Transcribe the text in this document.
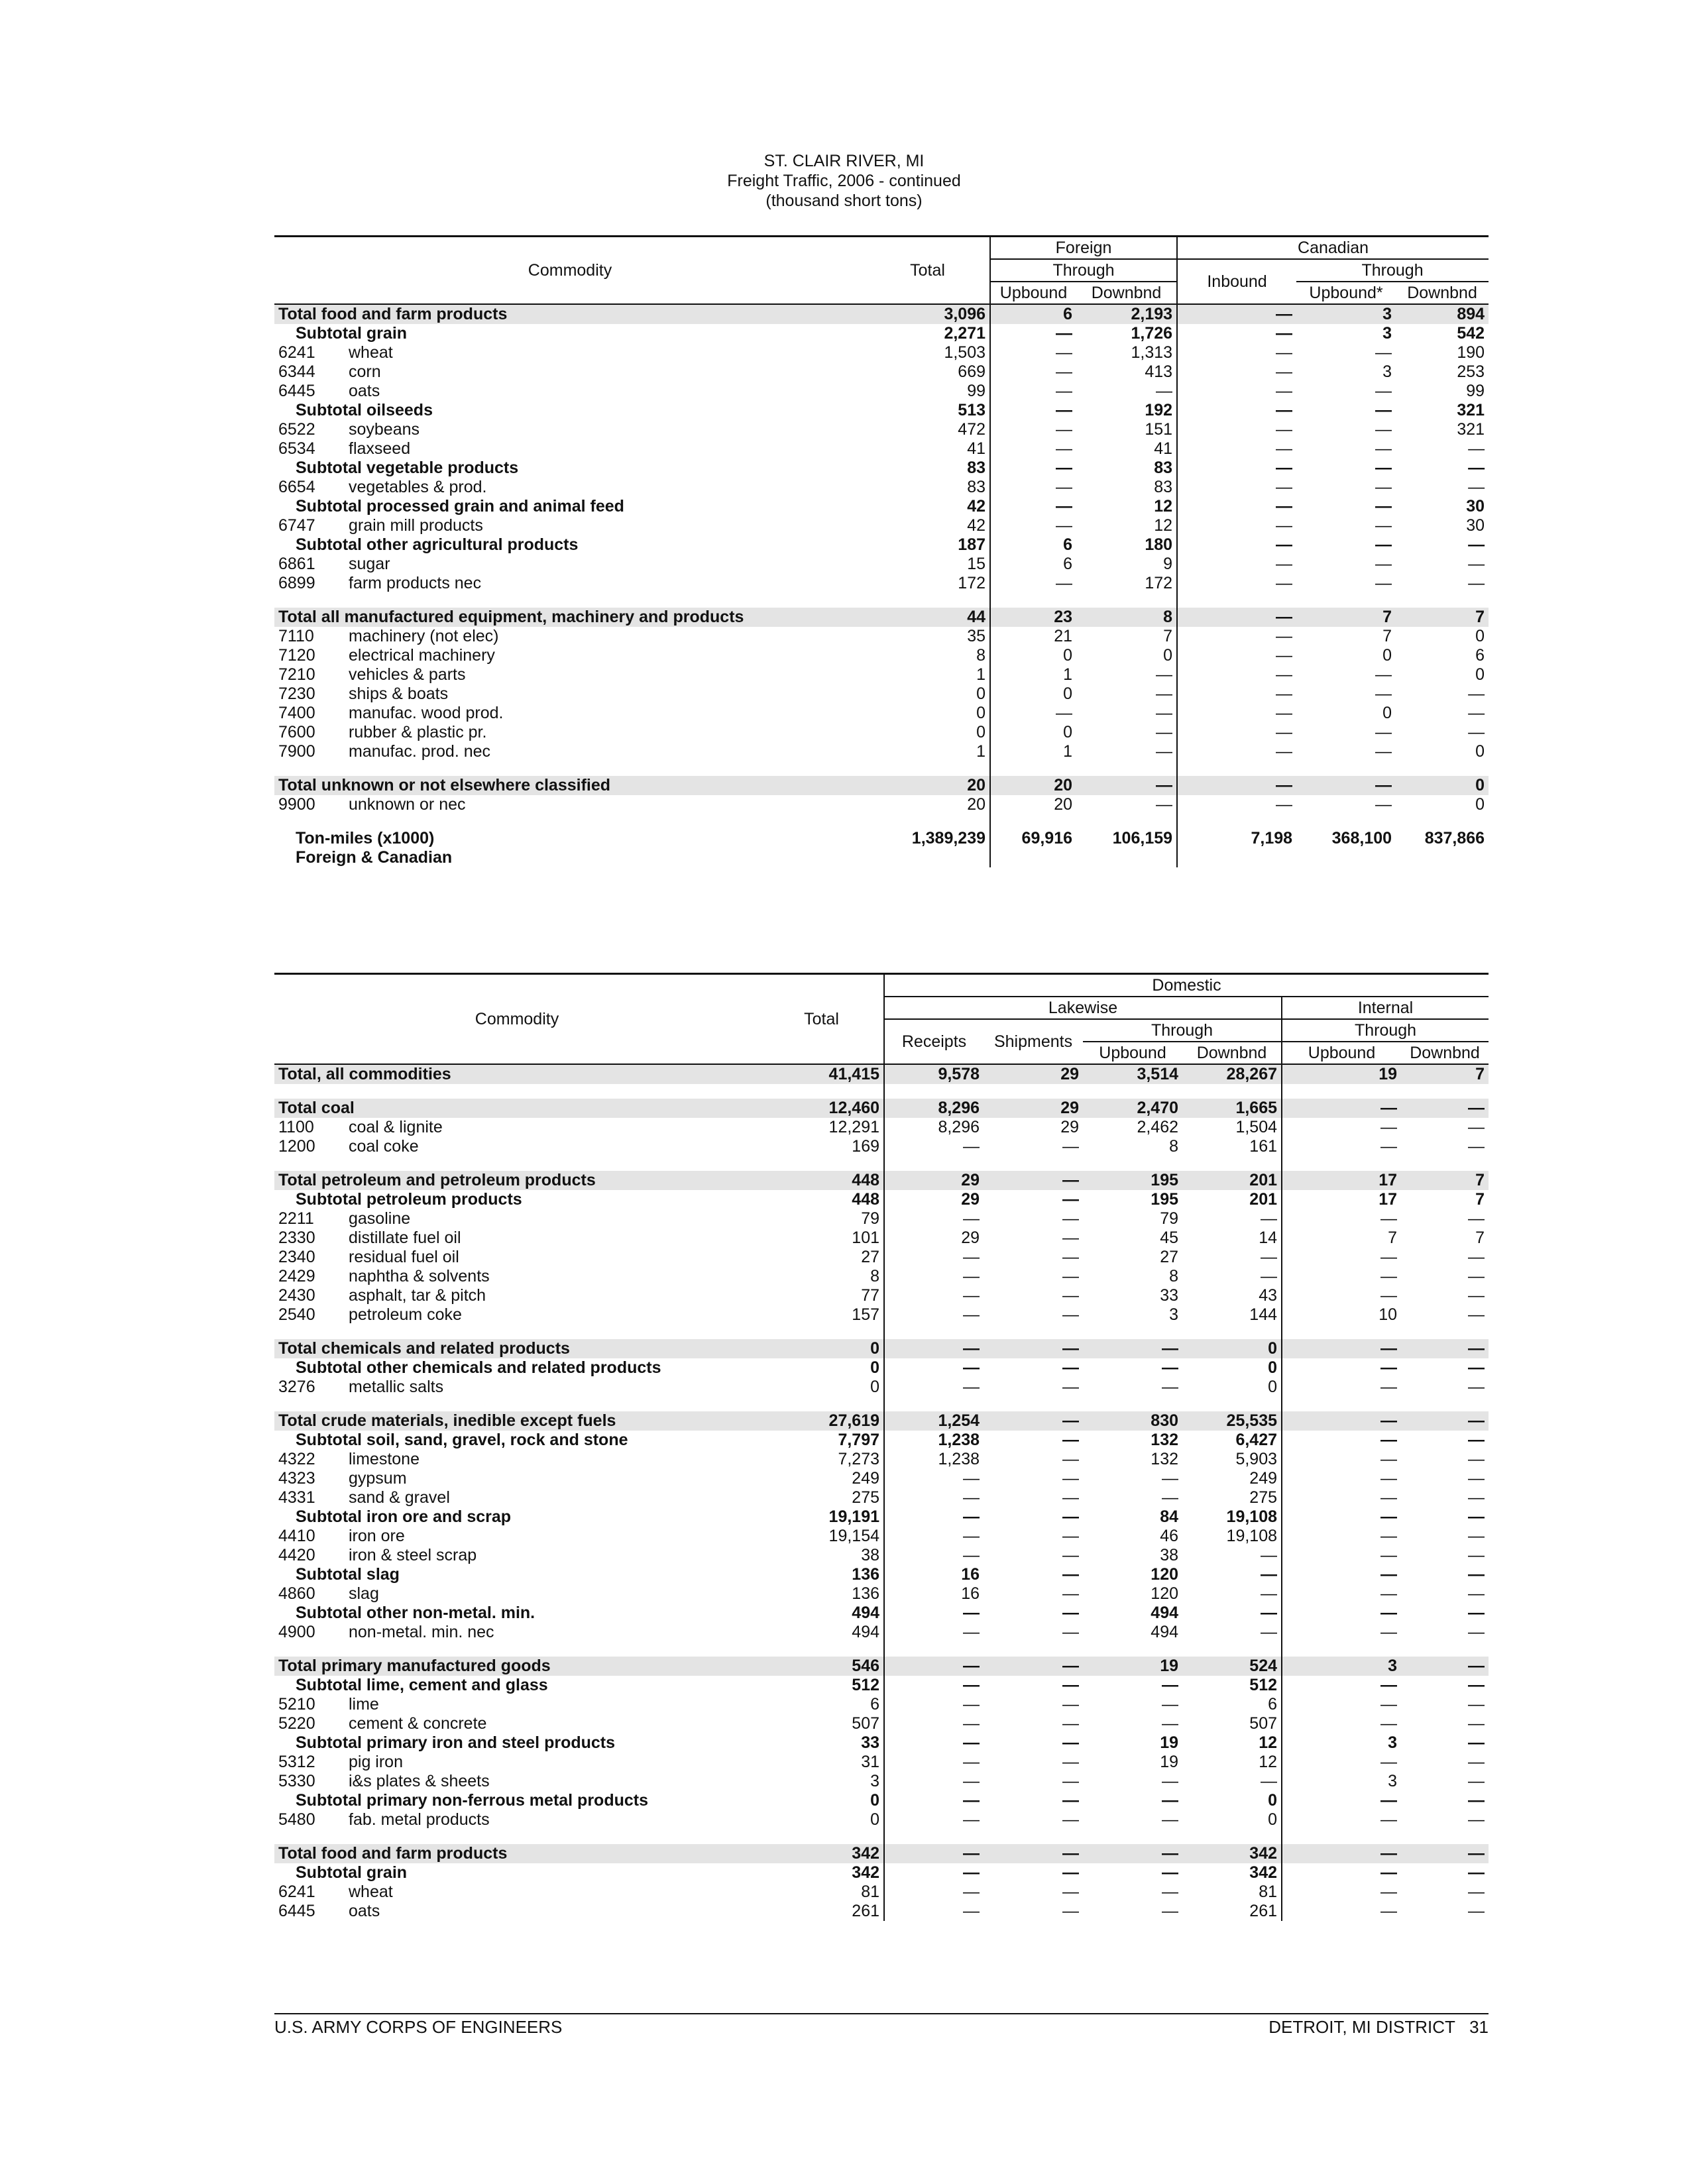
ST. CLAIR RIVER, MI
Freight Traffic, 2006 - continued
(thousand short tons)
Commodity		Total	Foreign		Canadian			
			Through		Inbound	Through		
			Upbound	Downbnd		Upbound*	Downbnd	
Total food and farm products		3,096	6	2,193	—	3	894	
Subtotal grain		2,271	—	1,726	—	3	542	
6241	wheat	1,503	—	1,313	—	—	190	
6344	corn	669	—	413	—	3	253	
6445	oats	99	—	—	—	—	99	
Subtotal oilseeds		513	—	192	—	—	321	
6522	soybeans	472	—	151	—	—	321	
6534	flaxseed	41	—	41	—	—	—	
Subtotal vegetable products		83	—	83	—	—	—	
6654	vegetables & prod.	83	—	83	—	—	—	
Subtotal processed grain and animal feed		42	—	12	—	—	30	
6747	grain mill products	42	—	12	—	—	30	
Subtotal other agricultural products		187	6	180	—	—	—	
6861	sugar	15	6	9	—	—	—	
6899	farm products nec	172	—	172	—	—	—	

Total all manufactured equipment, machinery and products		44	23	8	—	7	7	
7110	machinery (not elec)	35	21	7	—	7	0	
7120	electrical machinery	8	0	0	—	0	6	
7210	vehicles & parts	1	1	—	—	—	0	
7230	ships & boats	0	0	—	—	—	—	
7400	manufac. wood prod.	0	—	—	—	0	—	
7600	rubber & plastic pr.	0	0	—	—	—	—	
7900	manufac. prod. nec	1	1	—	—	—	0	

Total unknown or not elsewhere classified		20	20	—	—	—	0	
9900	unknown or nec	20	20	—	—	—	0	

Ton-miles (x1000)		1,389,239	69,916	106,159	7,198	368,100	837,866	
Foreign & Canadian								
Commodity		Total	Domestic						
			Lakewise				Internal		
			Receipts	Shipments	Through		Through		
					Upbound	Downbnd	Upbound	Downbnd	
Total, all commodities		41,415	9,578	29	3,514	28,267	19	7	

Total coal		12,460	8,296	29	2,470	1,665	—	—	
1100	coal & lignite	12,291	8,296	29	2,462	1,504	—	—	
1200	coal coke	169	—	—	8	161	—	—	

Total petroleum and petroleum products		448	29	—	195	201	17	7	
Subtotal petroleum products		448	29	—	195	201	17	7	
2211	gasoline	79	—	—	79	—	—	—	
2330	distillate fuel oil	101	29	—	45	14	7	7	
2340	residual fuel oil	27	—	—	27	—	—	—	
2429	naphtha & solvents	8	—	—	8	—	—	—	
2430	asphalt, tar & pitch	77	—	—	33	43	—	—	
2540	petroleum coke	157	—	—	3	144	10	—	

Total chemicals and related products		0	—	—	—	0	—	—	
Subtotal other chemicals and related products		0	—	—	—	0	—	—	
3276	metallic salts	0	—	—	—	0	—	—	

Total crude materials, inedible except fuels		27,619	1,254	—	830	25,535	—	—	
Subtotal soil, sand, gravel, rock and stone		7,797	1,238	—	132	6,427	—	—	
4322	limestone	7,273	1,238	—	132	5,903	—	—	
4323	gypsum	249	—	—	—	249	—	—	
4331	sand & gravel	275	—	—	—	275	—	—	
Subtotal iron ore and scrap		19,191	—	—	84	19,108	—	—	
4410	iron ore	19,154	—	—	46	19,108	—	—	
4420	iron & steel scrap	38	—	—	38	—	—	—	
Subtotal slag		136	16	—	120	—	—	—	
4860	slag	136	16	—	120	—	—	—	
Subtotal other non-metal. min.		494	—	—	494	—	—	—	
4900	non-metal. min. nec	494	—	—	494	—	—	—	

Total primary manufactured goods		546	—	—	19	524	3	—	
Subtotal lime, cement and glass		512	—	—	—	512	—	—	
5210	lime	6	—	—	—	6	—	—	
5220	cement & concrete	507	—	—	—	507	—	—	
Subtotal primary iron and steel products		33	—	—	19	12	3	—	
5312	pig iron	31	—	—	19	12	—	—	
5330	i&s plates & sheets	3	—	—	—	—	3	—	
Subtotal primary non-ferrous metal products		0	—	—	—	0	—	—	
5480	fab. metal products	0	—	—	—	0	—	—	

Total food and farm products		342	—	—	—	342	—	—	
Subtotal grain		342	—	—	—	342	—	—	
6241	wheat	81	—	—	—	81	—	—	
6445	oats	261	—	—	—	261	—	—	
U.S. ARMY CORPS OF ENGINEERS	DETROIT, MI DISTRICT 31
